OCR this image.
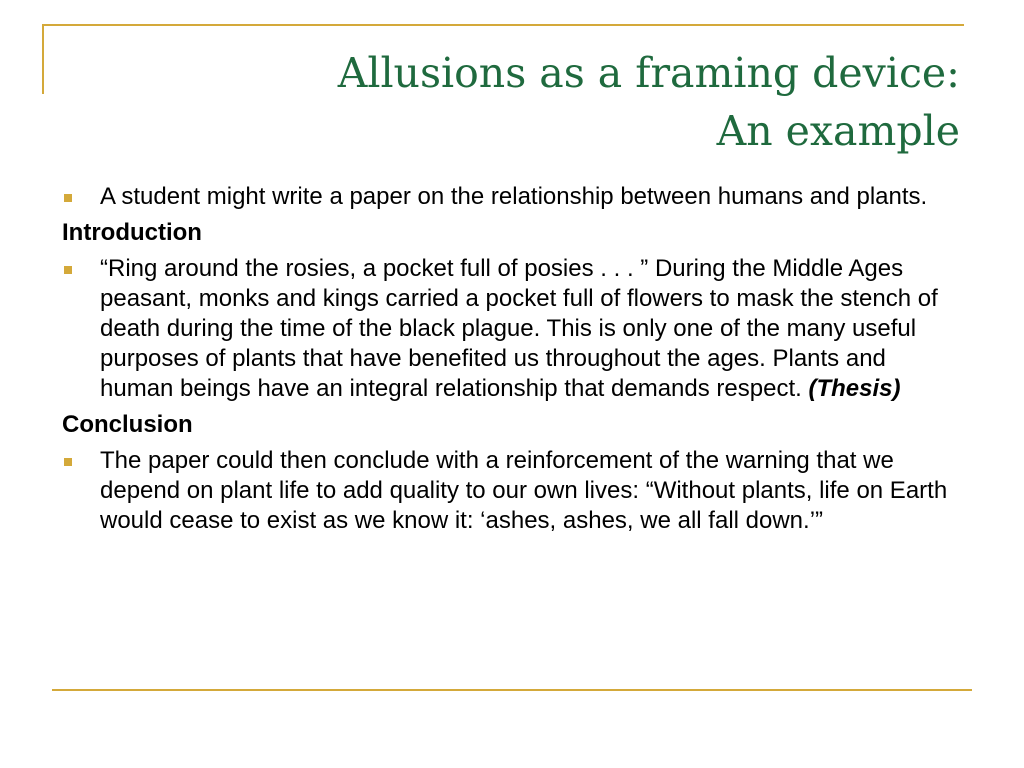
Allusions as a framing device:
An example
A student might write a paper on the relationship between humans and plants.
Introduction
“Ring around the rosies, a pocket full of posies . . . ” During the Middle Ages peasant, monks and kings carried a pocket full of flowers to mask the stench of death during the time of the black plague. This is only one of the many useful purposes of plants that have benefited us throughout the ages. Plants and human beings have an integral relationship that demands respect. (Thesis)
Conclusion
The paper could then conclude with a reinforcement of the warning that we depend on plant life to add quality to our own lives: “Without plants, life on Earth would cease to exist as we know it: ‘ashes, ashes, we all fall down.’”
